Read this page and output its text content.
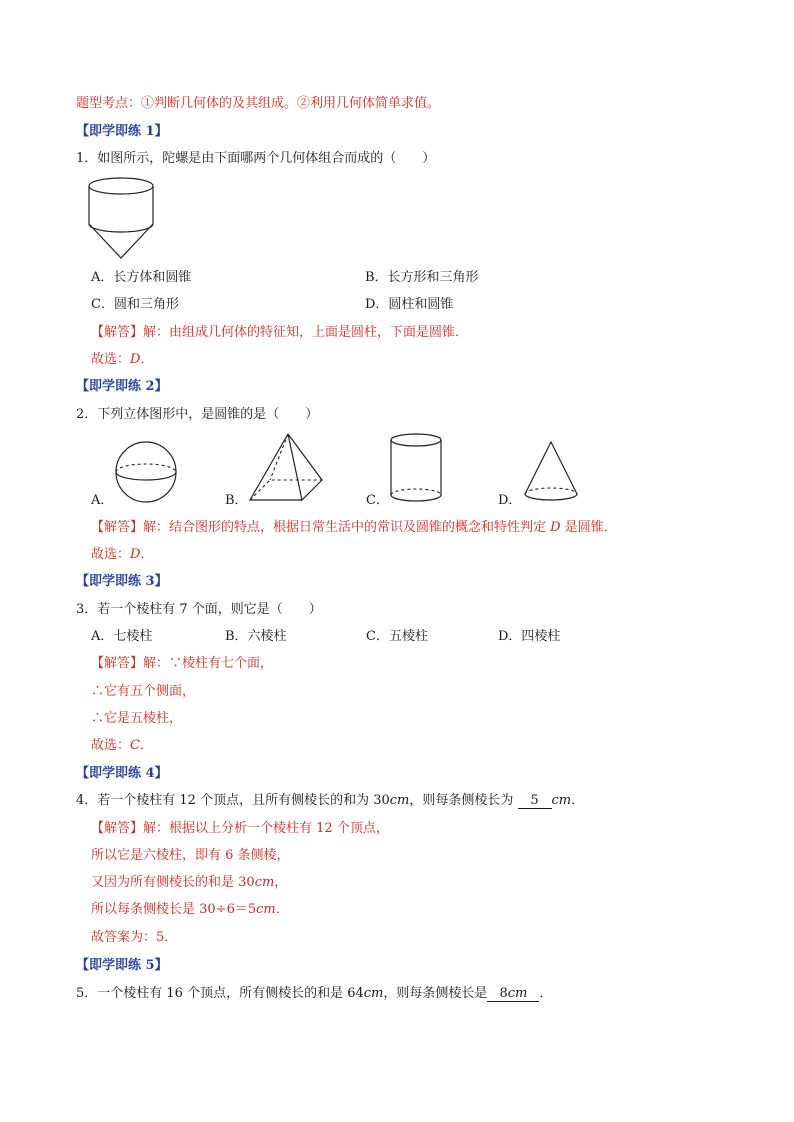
题型考点：①判断几何体的及其组成。②利用几何体简单求值。
【即学即练 1】
1．如图所示，陀螺是由下面哪两个几何体组合而成的（　　）
A．长方体和圆锥	B．长方形和三角形
C．圆和三角形	D．圆柱和圆锥
【解答】解：由组成几何体的特征知，上面是圆柱，下面是圆锥．
故选：D．
【即学即练 2】
2．下列立体图形中，是圆锥的是（　　）
A．	B．	C．	D．
【解答】解：结合图形的特点，根据日常生活中的常识及圆锥的概念和特性判定 D 是圆锥．
故选：D．
【即学即练 3】
3．若一个棱柱有 7 个面，则它是（　　）
A．七棱柱	B．六棱柱	C．五棱柱	D．四棱柱
【解答】解：∵棱柱有七个面，
∴它有五个侧面，
∴它是五棱柱，
故选：C．
【即学即练 4】
4．若一个棱柱有 12 个顶点，且所有侧棱长的和为 30cm，则每条侧棱长为 5 cm．
【解答】解：根据以上分析一个棱柱有 12 个顶点，
所以它是六棱柱，即有 6 条侧棱，
又因为所有侧棱长的和是 30cm，
所以每条侧棱长是 30÷6＝5cm．
故答案为：5．
【即学即练 5】
5．一个棱柱有 16 个顶点，所有侧棱长的和是 64cm，则每条侧棱长是 8cm ．
